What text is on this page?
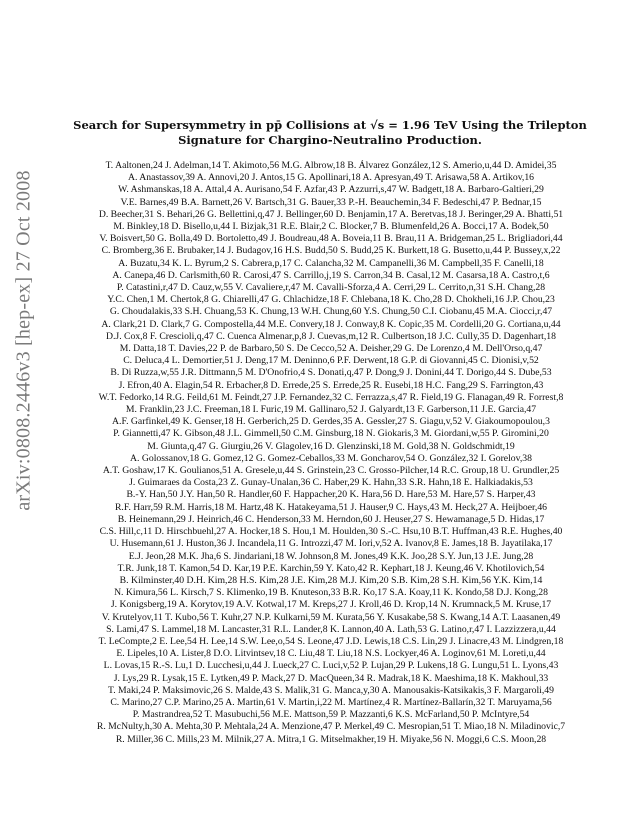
arXiv:0808.2446v3 [hep-ex] 27 Oct 2008
Search for Supersymmetry in pp̄ Collisions at √s = 1.96 TeV Using the Trilepton
Signature for Chargino-Neutralino Production.
T. Aaltonen,24 J. Adelman,14 T. Akimoto,56 M.G. Albrow,18 B. Álvarez González,12 S. Amerio,u,44 D. Amidei,35
A. Anastassov,39 A. Annovi,20 J. Antos,15 G. Apollinari,18 A. Apresyan,49 T. Arisawa,58 A. Artikov,16
W. Ashmanskas,18 A. Attal,4 A. Aurisano,54 F. Azfar,43 P. Azzurri,s,47 W. Badgett,18 A. Barbaro-Galtieri,29
V.E. Barnes,49 B.A. Barnett,26 V. Bartsch,31 G. Bauer,33 P.-H. Beauchemin,34 F. Bedeschi,47 P. Bednar,15
D. Beecher,31 S. Behari,26 G. Bellettini,q,47 J. Bellinger,60 D. Benjamin,17 A. Beretvas,18 J. Beringer,29 A. Bhatti,51
M. Binkley,18 D. Bisello,u,44 I. Bizjak,31 R.E. Blair,2 C. Blocker,7 B. Blumenfeld,26 A. Bocci,17 A. Bodek,50
V. Boisvert,50 G. Bolla,49 D. Bortoletto,49 J. Boudreau,48 A. Boveia,11 B. Brau,11 A. Bridgeman,25 L. Brigliadori,44
C. Bromberg,36 E. Brubaker,14 J. Budagov,16 H.S. Budd,50 S. Budd,25 K. Burkett,18 G. Busetto,u,44 P. Bussey,x,22
A. Buzatu,34 K. L. Byrum,2 S. Cabrera,p,17 C. Calancha,32 M. Campanelli,36 M. Campbell,35 F. Canelli,18
A. Canepa,46 D. Carlsmith,60 R. Carosi,47 S. Carrillo,j,19 S. Carron,34 B. Casal,12 M. Casarsa,18 A. Castro,t,6
P. Catastini,r,47 D. Cauz,w,55 V. Cavaliere,r,47 M. Cavalli-Sforza,4 A. Cerri,29 L. Cerrito,n,31 S.H. Chang,28
Y.C. Chen,1 M. Chertok,8 G. Chiarelli,47 G. Chlachidze,18 F. Chlebana,18 K. Cho,28 D. Chokheli,16 J.P. Chou,23
G. Choudalakis,33 S.H. Chuang,53 K. Chung,13 W.H. Chung,60 Y.S. Chung,50 C.I. Ciobanu,45 M.A. Ciocci,r,47
A. Clark,21 D. Clark,7 G. Compostella,44 M.E. Convery,18 J. Conway,8 K. Copic,35 M. Cordelli,20 G. Cortiana,u,44
D.J. Cox,8 F. Crescioli,q,47 C. Cuenca Almenar,p,8 J. Cuevas,m,12 R. Culbertson,18 J.C. Cully,35 D. Dagenhart,18
M. Datta,18 T. Davies,22 P. de Barbaro,50 S. De Cecco,52 A. Deisher,29 G. De Lorenzo,4 M. Dell'Orso,q,47
C. Deluca,4 L. Demortier,51 J. Deng,17 M. Deninno,6 P.F. Derwent,18 G.P. di Giovanni,45 C. Dionisi,v,52
B. Di Ruzza,w,55 J.R. Dittmann,5 M. D'Onofrio,4 S. Donati,q,47 P. Dong,9 J. Donini,44 T. Dorigo,44 S. Dube,53
J. Efron,40 A. Elagin,54 R. Erbacher,8 D. Errede,25 S. Errede,25 R. Eusebi,18 H.C. Fang,29 S. Farrington,43
W.T. Fedorko,14 R.G. Feild,61 M. Feindt,27 J.P. Fernandez,32 C. Ferrazza,s,47 R. Field,19 G. Flanagan,49 R. Forrest,8
M. Franklin,23 J.C. Freeman,18 I. Furic,19 M. Gallinaro,52 J. Galyardt,13 F. Garberson,11 J.E. Garcia,47
A.F. Garfinkel,49 K. Genser,18 H. Gerberich,25 D. Gerdes,35 A. Gessler,27 S. Giagu,v,52 V. Giakoumopoulou,3
P. Giannetti,47 K. Gibson,48 J.L. Gimmell,50 C.M. Ginsburg,18 N. Giokaris,3 M. Giordani,w,55 P. Giromini,20
M. Giunta,q,47 G. Giurgiu,26 V. Glagolev,16 D. Glenzinski,18 M. Gold,38 N. Goldschmidt,19
A. Golossanov,18 G. Gomez,12 G. Gomez-Ceballos,33 M. Goncharov,54 O. González,32 I. Gorelov,38
A.T. Goshaw,17 K. Goulianos,51 A. Gresele,u,44 S. Grinstein,23 C. Grosso-Pilcher,14 R.C. Group,18 U. Grundler,25
J. Guimaraes da Costa,23 Z. Gunay-Unalan,36 C. Haber,29 K. Hahn,33 S.R. Hahn,18 E. Halkiadakis,53
B.-Y. Han,50 J.Y. Han,50 R. Handler,60 F. Happacher,20 K. Hara,56 D. Hare,53 M. Hare,57 S. Harper,43
R.F. Harr,59 R.M. Harris,18 M. Hartz,48 K. Hatakeyama,51 J. Hauser,9 C. Hays,43 M. Heck,27 A. Heijboer,46
B. Heinemann,29 J. Heinrich,46 C. Henderson,33 M. Herndon,60 J. Heuser,27 S. Hewamanage,5 D. Hidas,17
C.S. Hill,c,11 D. Hirschbuehl,27 A. Hocker,18 S. Hou,1 M. Houlden,30 S.-C. Hsu,10 B.T. Huffman,43 R.E. Hughes,40
U. Husemann,61 J. Huston,36 J. Incandela,11 G. Introzzi,47 M. Iori,v,52 A. Ivanov,8 E. James,18 B. Jayatilaka,17
E.J. Jeon,28 M.K. Jha,6 S. Jindariani,18 W. Johnson,8 M. Jones,49 K.K. Joo,28 S.Y. Jun,13 J.E. Jung,28
T.R. Junk,18 T. Kamon,54 D. Kar,19 P.E. Karchin,59 Y. Kato,42 R. Kephart,18 J. Keung,46 V. Khotilovich,54
B. Kilminster,40 D.H. Kim,28 H.S. Kim,28 J.E. Kim,28 M.J. Kim,20 S.B. Kim,28 S.H. Kim,56 Y.K. Kim,14
N. Kimura,56 L. Kirsch,7 S. Klimenko,19 B. Knuteson,33 B.R. Ko,17 S.A. Koay,11 K. Kondo,58 D.J. Kong,28
J. Konigsberg,19 A. Korytov,19 A.V. Kotwal,17 M. Kreps,27 J. Kroll,46 D. Krop,14 N. Krumnack,5 M. Kruse,17
V. Krutelyov,11 T. Kubo,56 T. Kuhr,27 N.P. Kulkarni,59 M. Kurata,56 Y. Kusakabe,58 S. Kwang,14 A.T. Laasanen,49
S. Lami,47 S. Lammel,18 M. Lancaster,31 R.L. Lander,8 K. Lannon,40 A. Lath,53 G. Latino,r,47 I. Lazzizzera,u,44
T. LeCompte,2 E. Lee,54 H. Lee,14 S.W. Lee,o,54 S. Leone,47 J.D. Lewis,18 C.S. Lin,29 J. Linacre,43 M. Lindgren,18
E. Lipeles,10 A. Lister,8 D.O. Litvintsev,18 C. Liu,48 T. Liu,18 N.S. Lockyer,46 A. Loginov,61 M. Loreti,u,44
L. Lovas,15 R.-S. Lu,1 D. Lucchesi,u,44 J. Lueck,27 C. Luci,v,52 P. Lujan,29 P. Lukens,18 G. Lungu,51 L. Lyons,43
J. Lys,29 R. Lysak,15 E. Lytken,49 P. Mack,27 D. MacQueen,34 R. Madrak,18 K. Maeshima,18 K. Makhoul,33
T. Maki,24 P. Maksimovic,26 S. Malde,43 S. Malik,31 G. Manca,y,30 A. Manousakis-Katsikakis,3 F. Margaroli,49
C. Marino,27 C.P. Marino,25 A. Martin,61 V. Martin,i,22 M. Martínez,4 R. Martínez-Ballarín,32 T. Maruyama,56
P. Mastrandrea,52 T. Masubuchi,56 M.E. Mattson,59 P. Mazzanti,6 K.S. McFarland,50 P. McIntyre,54
R. McNulty,h,30 A. Mehta,30 P. Mehtala,24 A. Menzione,47 P. Merkel,49 C. Mesropian,51 T. Miao,18 N. Miladinovic,7
R. Miller,36 C. Mills,23 M. Milnik,27 A. Mitra,1 G. Mitselmakher,19 H. Miyake,56 N. Moggi,6 C.S. Moon,28
